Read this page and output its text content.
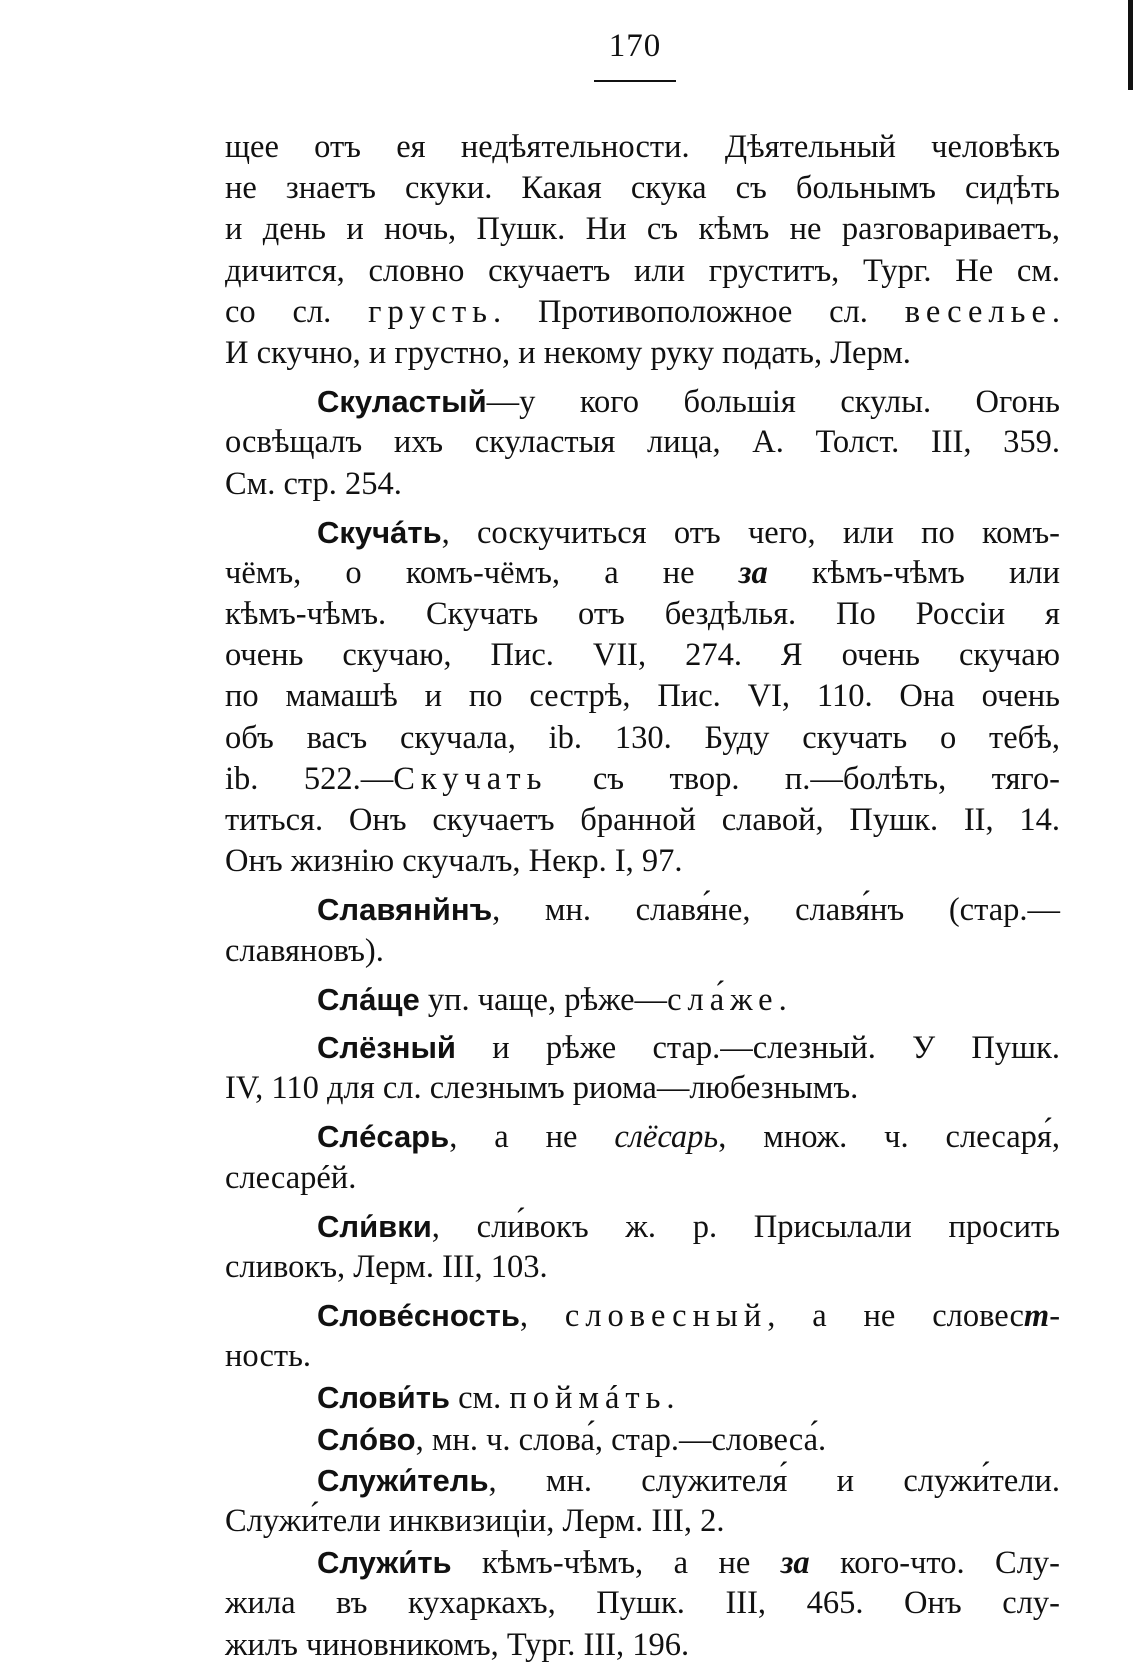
170
щее отъ ея недѣятельности. Дѣятельный человѣкъ
не знаетъ скуки. Какая скука съ больнымъ сидѣть
и день и ночь, Пушк. Ни съ кѣмъ не разговариваетъ,
дичится, словно скучаетъ или груститъ, Тург. Не см.
со сл. грусть. Противоположное сл. веселье.
И скучно, и грустно, и некому руку подать, Лерм.
Скуластый—у кого большія скулы. Огонь
освѣщалъ ихъ скуластыя лица, А. Толст. III, 359.
См. стр. 254.
Скучáть, соскучиться отъ чего, или по комъ-
чёмъ, о комъ-чёмъ, а не за кѣмъ-чѣмъ или
кѣмъ-чѣмъ. Скучать отъ бездѣлья. По Россіи я
очень скучаю, Пис. VII, 274. Я очень скучаю
по мамашѣ и по сестрѣ, Пис. VI, 110. Она очень
объ васъ скучала, ib. 130. Буду скучать о тебѣ,
ib. 522.—Скучать съ твор. п.—болѣть, тяго-
титься. Онъ скучаетъ бранной славой, Пушк. II, 14.
Онъ жизнію скучалъ, Некр. I, 97.
Славянйнъ, мн. славя́не, славя́нъ (стар.—
славяновъ).
Сла́ще уп. чаще, рѣже—сла́же.
Слёзный и рѣже стар.—слезный. У Пушк.
IV, 110 для сл. слезнымъ риома—любезнымъ.
Слéсарь, а не слёсарь, множ. ч. слесаря́,
слесарéй.
Сли́вки, сли́вокъ ж. р. Присылали просить
сливокъ, Лерм. III, 103.
Словéсность, словесный, а не словест-
ность.
Слови́ть см. поймáть.
Слóво, мн. ч. слова́, стар.—словеса́.
Служи́тель, мн. служителя́ и служи́тели.
Служи́тели инквизиціи, Лерм. III, 2.
Служи́ть кѣмъ-чѣмъ, а не за кого-что. Слу-
жила въ кухаркахъ, Пушк. III, 465. Онъ слу-
жилъ чиновникомъ, Тург. III, 196.
